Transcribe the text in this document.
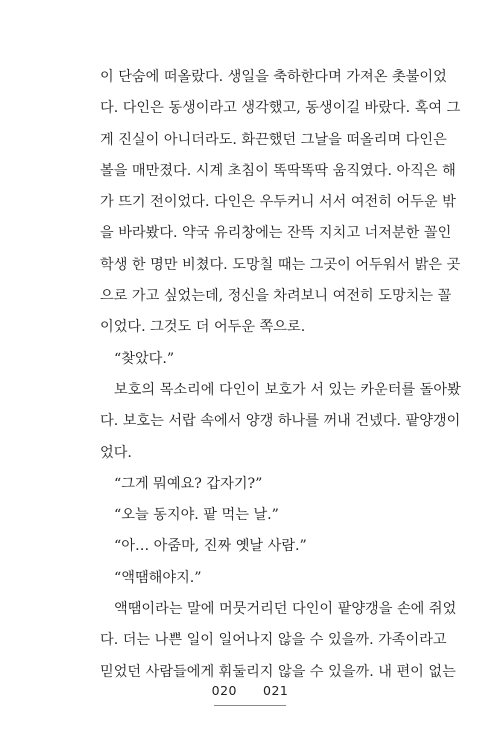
이 단숨에 떠올랐다. 생일을 축하한다며 가져온 촛불이었
다. 다인은 동생이라고 생각했고, 동생이길 바랐다. 혹여 그
게 진실이 아니더라도. 화끈했던 그날을 떠올리며 다인은
볼을 매만졌다. 시계 초침이 똑딱똑딱 움직였다. 아직은 해
가 뜨기 전이었다. 다인은 우두커니 서서 여전히 어두운 밖
을 바라봤다. 약국 유리창에는 잔뜩 지치고 너저분한 꼴인
학생 한 명만 비쳤다. 도망칠 때는 그곳이 어두워서 밝은 곳
으로 가고 싶었는데, 정신을 차려보니 여전히 도망치는 꼴
이었다. 그것도 더 어두운 쪽으로.
“찾았다.”
보호의 목소리에 다인이 보호가 서 있는 카운터를 돌아봤
다. 보호는 서랍 속에서 양갱 하나를 꺼내 건넸다. 팥양갱이
었다.
“그게 뭐예요? 갑자기?”
“오늘 동지야. 팥 먹는 날.”
“아… 아줌마, 진짜 옛날 사람.”
“액땜해야지.”
액땜이라는 말에 머뭇거리던 다인이 팥양갱을 손에 쥐었
다. 더는 나쁜 일이 일어나지 않을 수 있을까. 가족이라고
믿었던 사람들에게 휘둘리지 않을 수 있을까. 내 편이 없는
020 021
